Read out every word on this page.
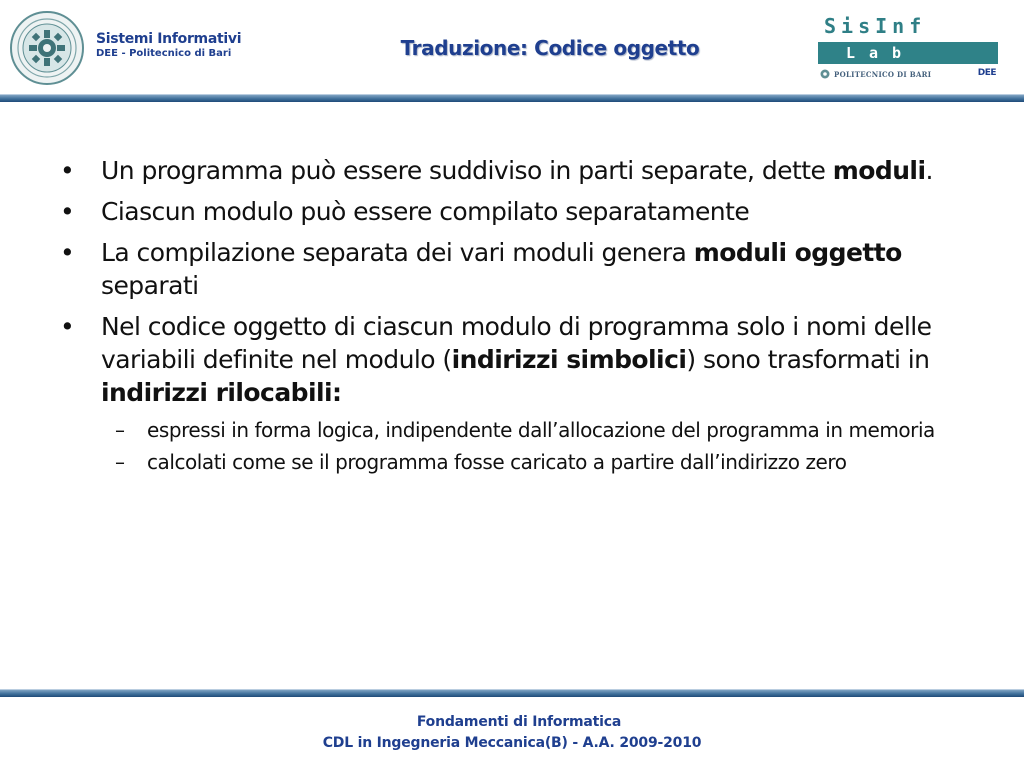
Sistemi Informativi
DEE - Politecnico di Bari	Traduzione: Codice oggetto
SisInf
Lab
POLITECNICO DI BARI	DEE
• Un programma può essere suddiviso in parti separate, dette moduli.
• Ciascun modulo può essere compilato separatamente
• La compilazione separata dei vari moduli genera moduli oggetto separati
• Nel codice oggetto di ciascun modulo di programma solo i nomi delle variabili definite nel modulo (indirizzi simbolici) sono trasformati in indirizzi rilocabili:
– espressi in forma logica, indipendente dall’allocazione del programma in memoria
– calcolati come se il programma fosse caricato a partire dall’indirizzo zero
Fondamenti di Informatica
CDL in Ingegneria Meccanica(B) - A.A. 2009-2010
